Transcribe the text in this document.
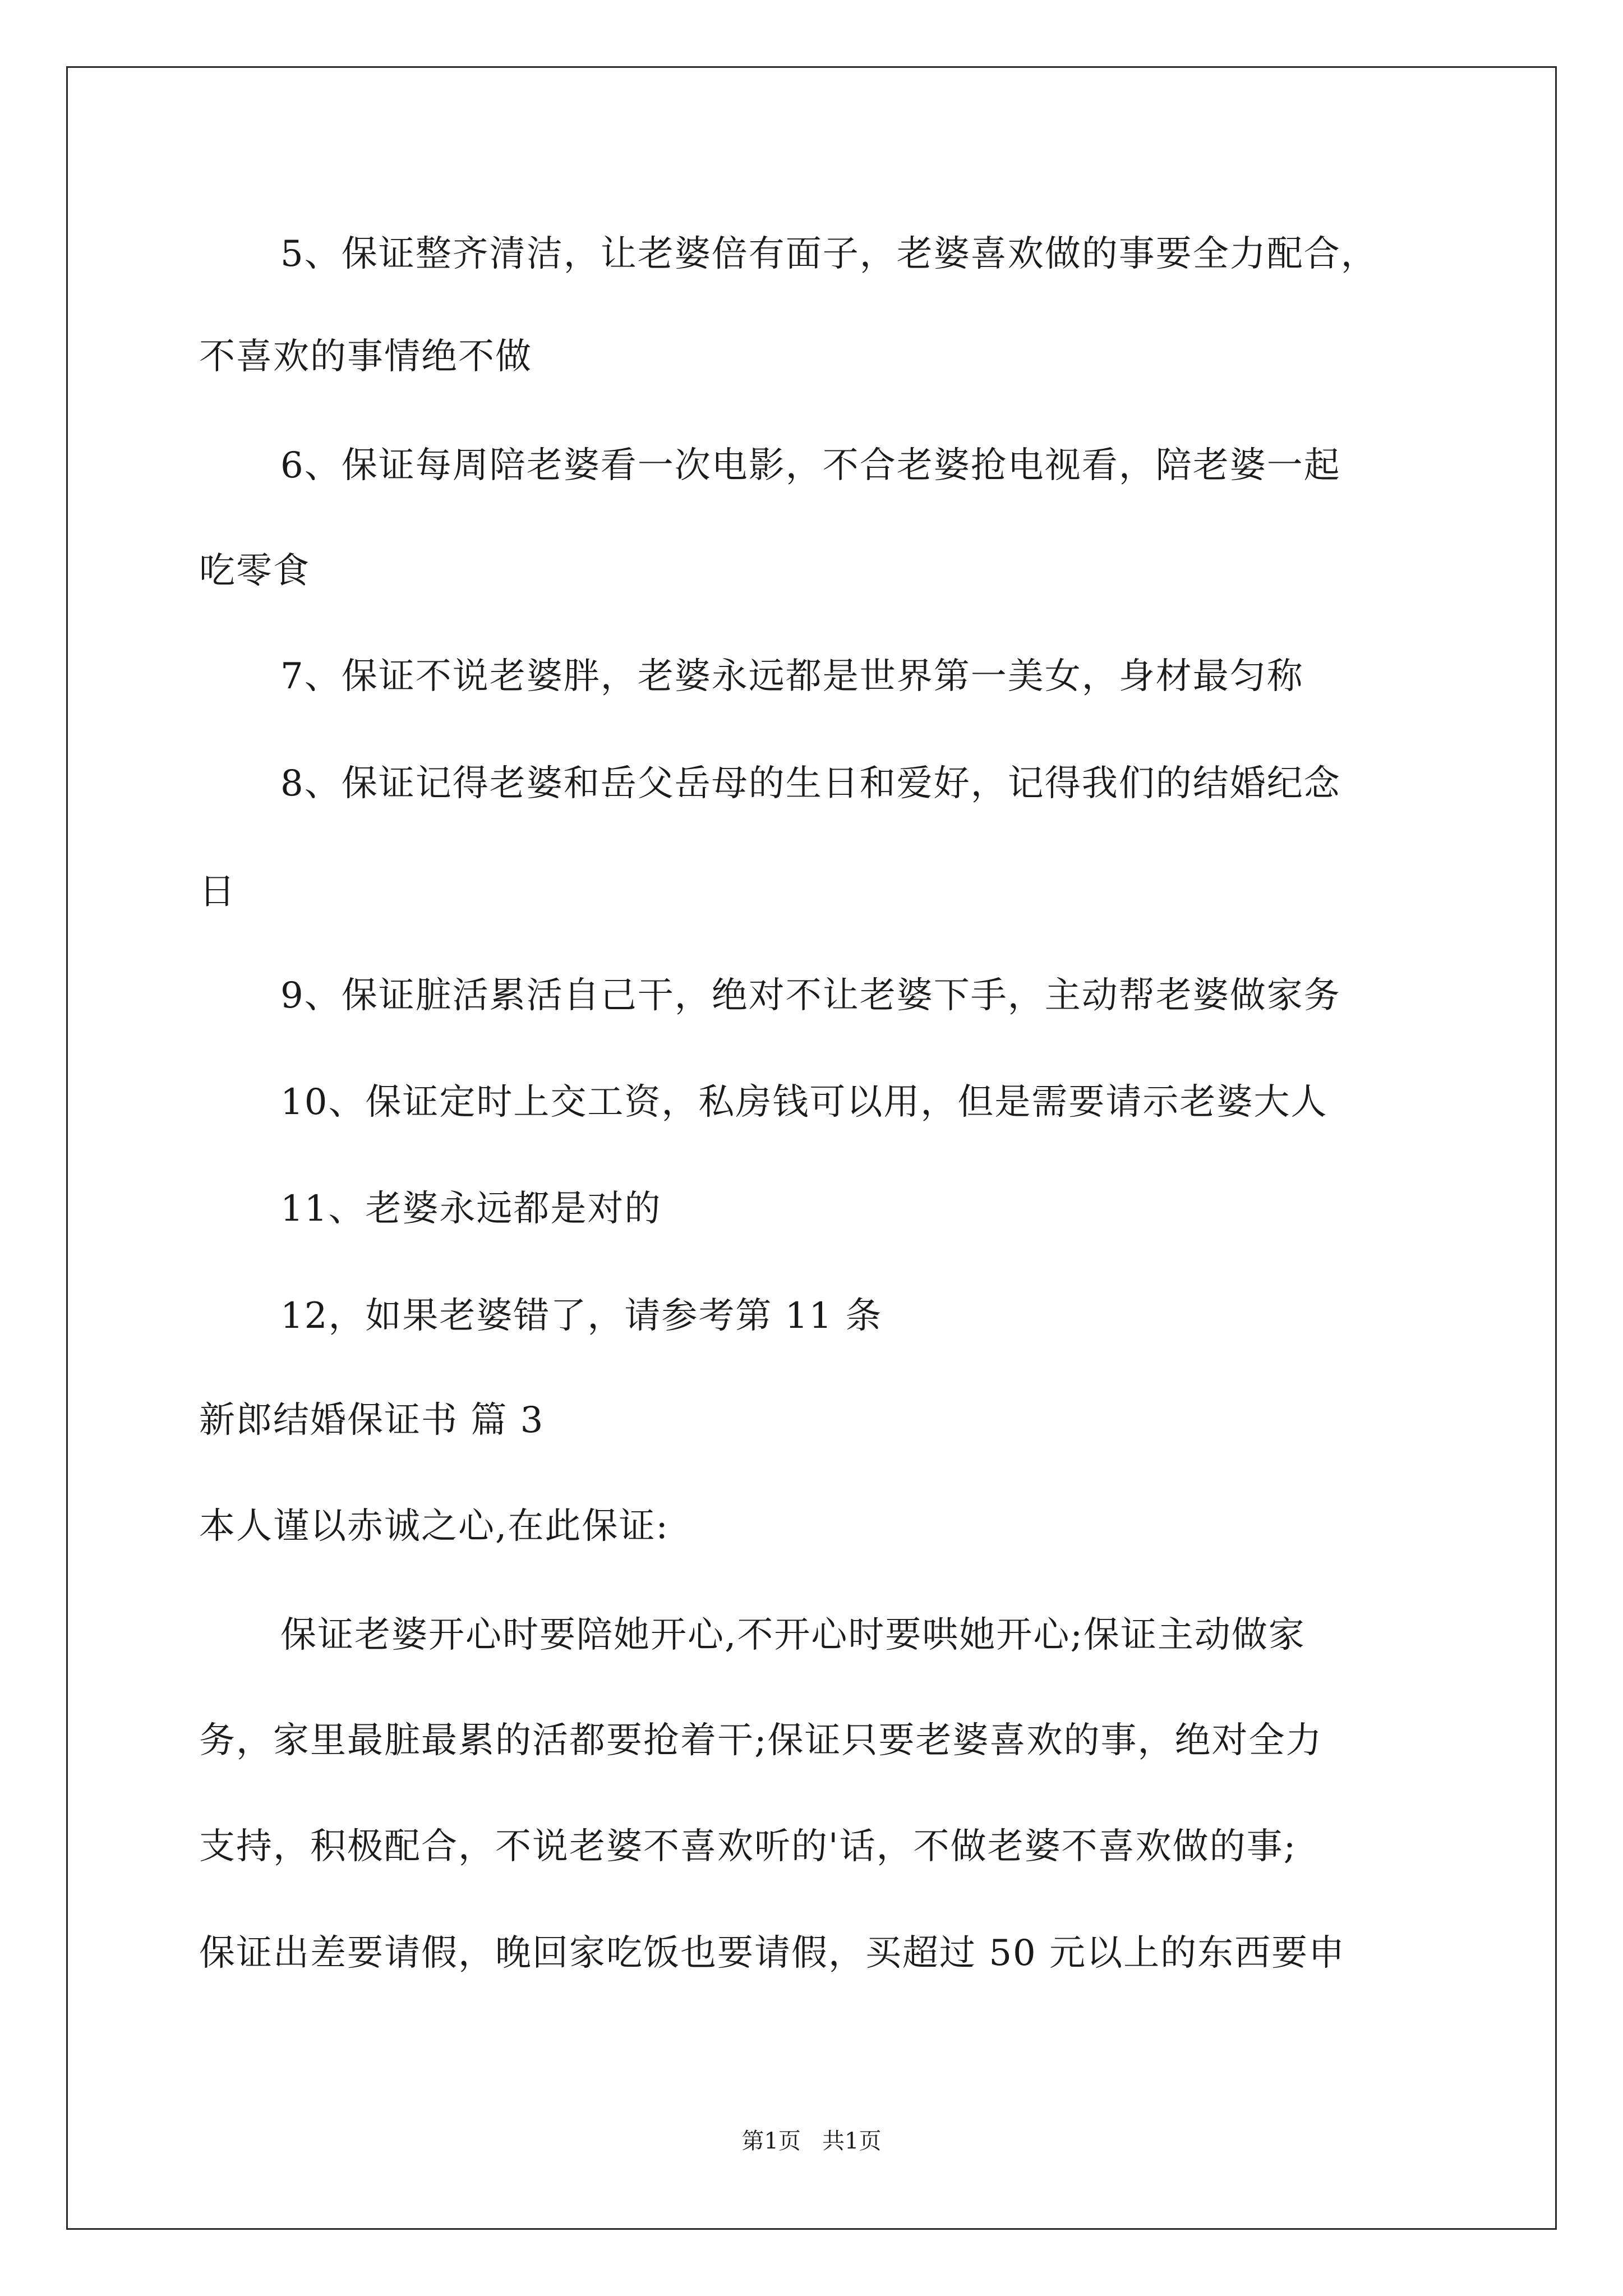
5、保证整齐清洁，让老婆倍有面子，老婆喜欢做的事要全力配合，
不喜欢的事情绝不做
6、保证每周陪老婆看一次电影，不合老婆抢电视看，陪老婆一起
吃零食
7、保证不说老婆胖，老婆永远都是世界第一美女，身材最匀称
8、保证记得老婆和岳父岳母的生日和爱好，记得我们的结婚纪念
日
9、保证脏活累活自己干，绝对不让老婆下手，主动帮老婆做家务
10、保证定时上交工资，私房钱可以用，但是需要请示老婆大人
11、老婆永远都是对的
12，如果老婆错了，请参考第 11 条
新郎结婚保证书 篇 3
本人谨以赤诚之心,在此保证:
保证老婆开心时要陪她开心,不开心时要哄她开心;保证主动做家
务，家里最脏最累的活都要抢着干;保证只要老婆喜欢的事，绝对全力
支持，积极配合，不说老婆不喜欢听的'话，不做老婆不喜欢做的事;
保证出差要请假，晚回家吃饭也要请假，买超过 50 元以上的东西要申
第1页   共1页
